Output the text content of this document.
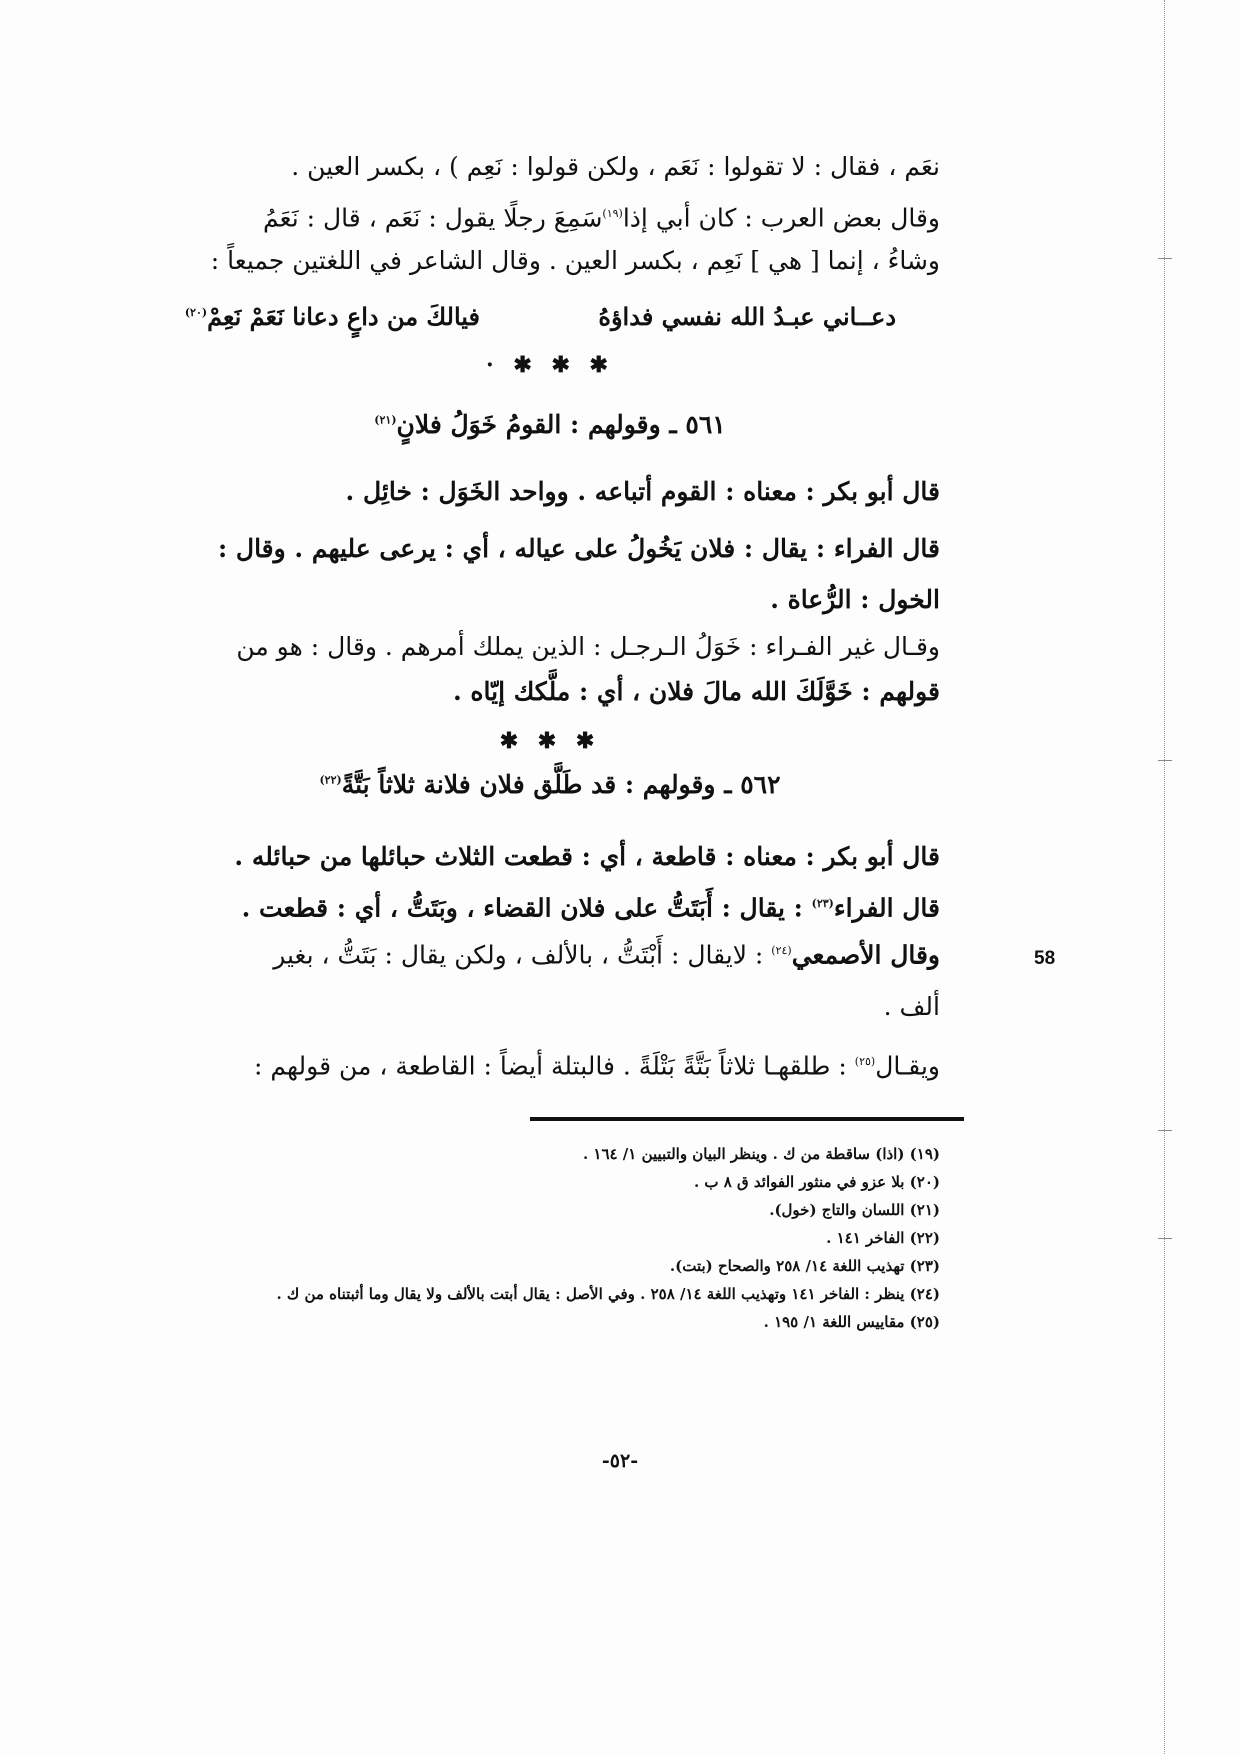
نعَم ، فقال : لا تقولوا : نَعَم ، ولكن قولوا : نَعِم ) ، بكسر العين .
وقال بعض العرب : كان أبي إذا$^{(١٩)}$سَمِعَ رجلًا يقول : نَعَم ، قال : نَعَمُ
وشاءُ ، إنما [ هي ] نَعِم ، بكسر العين . وقال الشاعر في اللغتين جميعاً :
دعــاني عبـدُ الله نفسي فداؤهُ
فيالكَ من داعٍ دعانا نَعَمْ نَعِمْ$^{(٢٠)}$
· ✱ ✱ ✱
٥٦١ ـ وقولهم : القومُ خَوَلُ فلانٍ$^{(٢١)}$
قال أبو بكر : معناه : القوم أتباعه . وواحد الخَوَل : خائِل .
قال الفراء : يقال : فلان يَخُولُ على عياله ، أي : يرعى عليهم . وقال :
الخول : الرُّعاة .
وقـال غير الفـراء : خَوَلُ الـرجـل : الذين يملك أمرهم . وقال : هو من
قولهم : خَوَّلَكَ الله مالَ فلان ، أي : ملَّكك إيّاه .
✱ ✱ ✱
٥٦٢ ـ وقولهم : قد طَلَّق فلان فلانة ثلاثاً بَتَّةً$^{(٢٢)}$
قال أبو بكر : معناه : قاطعة ، أي : قطعت الثلاث حبائلها من حبائله .
قال الفراء$^{(٢٣)}$ : يقال : أَبَتَتُّ على فلان القضاء ، وبَتَتُّ ، أي : قطعت .
وقال الأصمعي$^{(٢٤)}$ : لايقال : أَبْتَتُّ ، بالألف ، ولكن يقال : بَتَتُّ ، بغير
ألف .
ويقـال$^{(٢٥)}$ : طلقهـا ثلاثاً بَتَّةً بَتْلَةً . فالبتلة أيضاً : القاطعة ، من قولهم :
58
(١٩) (اذا) ساقطة من ك . وينظر البيان والتبيين ١/ ١٦٤ .
(٢٠) بلا عزو في منثور الفوائد ق ٨ ب .
(٢١) اللسان والتاج (خول).
(٢٢) الفاخر ١٤١ .
(٢٣) تهذيب اللغة ١٤/ ٢٥٨ والصحاح (بتت).
(٢٤) ينظر : الفاخر ١٤١ وتهذيب اللغة ١٤/ ٢٥٨ . وفي الأصل : يقال أبتت بالألف ولا يقال وما أثبتناه من ك .
(٢٥) مقاييس اللغة ١/ ١٩٥ .
-٥٢-
